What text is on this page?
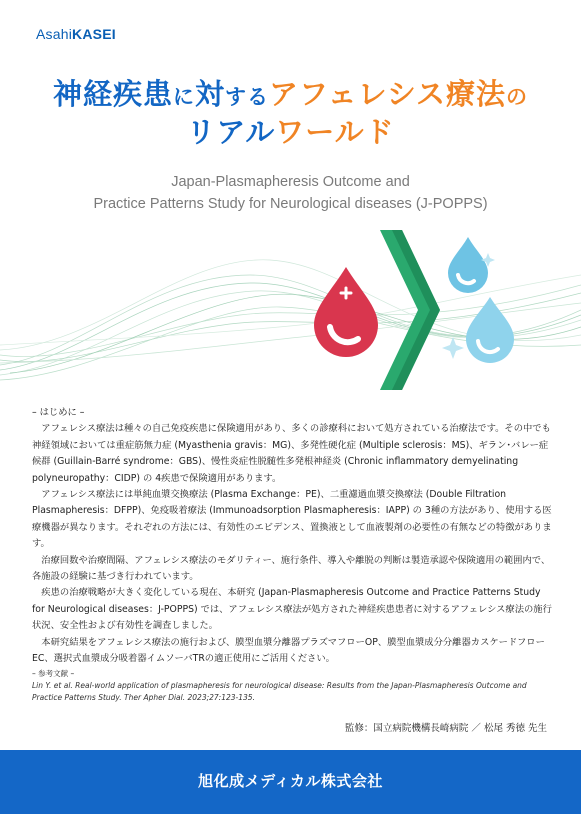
AsahiKASEI
神経疾患に対するアフェレシス療法の
リアルワールド
Japan-Plasmapheresis Outcome and
Practice Patterns Study for Neurological diseases (J-POPPS)

– はじめに –

アフェレシス療法は種々の自己免疫疾患に保険適用があり、多くの診療科において処方されている治療法です。その中でも神経領域においては重症筋無力症 (Myasthenia gravis：MG)、多発性硬化症 (Multiple sclerosis：MS)、ギラン･バレー症候群 (Guillain-Barré syndrome：GBS)、慢性炎症性脱髄性多発根神経炎 (Chronic inflammatory demyelinating polyneuropathy：CIDP) の 4疾患で保険適用があります。

アフェレシス療法には単純血漿交換療法 (Plasma Exchange：PE)、二重濾過血漿交換療法 (Double Filtration Plasmapheresis：DFPP)、免疫吸着療法 (Immunoadsorption Plasmapheresis：IAPP) の 3種の方法があり、使用する医療機器が異なります。それぞれの方法には、有効性のエビデンス、置換液として血液製剤の必要性の有無などの特徴があります。

治療回数や治療間隔、アフェレシス療法のモダリティー、施行条件、導入や離脱の判断は製造承認や保険適用の範囲内で、各施設の経験に基づき行われています。

疾患の治療戦略が大きく変化している現在、本研究 (Japan-Plasmapheresis Outcome and Practice Patterns Study for Neurological diseases：J-POPPS) では、アフェレシス療法が処方された神経疾患患者に対するアフェレシス療法の施行状況、安全性および有効性を調査しました。

本研究結果をアフェレシス療法の施行および、膜型血漿分離器プラズマフローOP、膜型血漿成分分離器カスケードフロー EC、選択式血漿成分吸着器イムソーバTRの適正使用にご活用ください。

– 参考文献 –

Lin Y. et al. Real-world application of plasmapheresis for neurological disease: Results from the Japan-Plasmapheresis Outcome and Practice Patterns Study. Ther Apher Dial. 2023;27:123-135.

監修：国立病院機構長崎病院 ／ 松尾 秀徳 先生
旭化成メディカル株式会社
